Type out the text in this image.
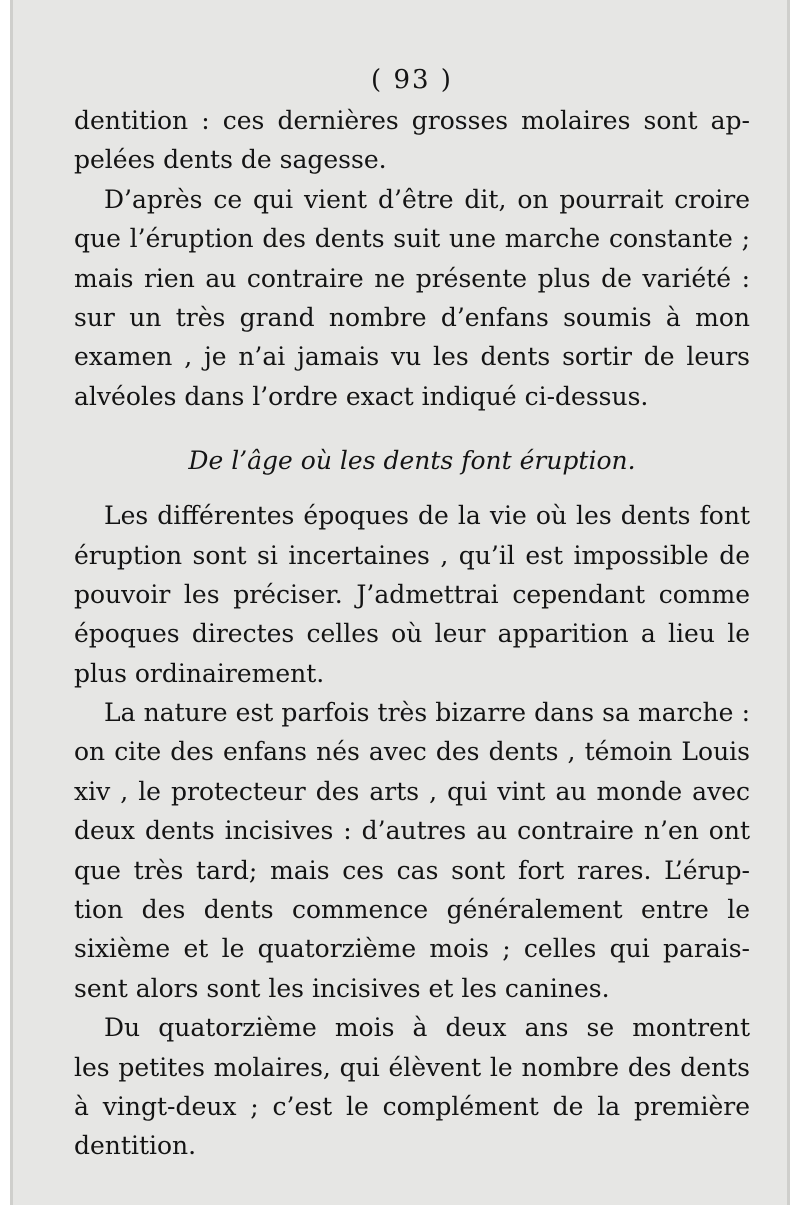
( 93 )
dentition : ces dernières grosses molaires sont ap-
pelées dents de sagesse.
D’après ce qui vient d’être dit, on pourrait croire
que l’éruption des dents suit une marche constante ;
mais rien au contraire ne présente plus de variété :
sur un très grand nombre d’enfans soumis à mon
examen , je n’ai jamais vu les dents sortir de leurs
alvéoles dans l’ordre exact indiqué ci-dessus.
De l’âge où les dents font éruption.
Les différentes époques de la vie où les dents font
éruption sont si incertaines , qu’il est impossible de
pouvoir les préciser. J’admettrai cependant comme
époques directes celles où leur apparition a lieu le
plus ordinairement.
La nature est parfois très bizarre dans sa marche :
on cite des enfans nés avec des dents , témoin Louis
xiv , le protecteur des arts , qui vint au monde avec
deux dents incisives : d’autres au contraire n’en ont
que très tard; mais ces cas sont fort rares. L’érup-
tion des dents commence généralement entre le
sixième et le quatorzième mois ; celles qui parais-
sent alors sont les incisives et les canines.
Du quatorzième mois à deux ans se montrent
les petites molaires, qui élèvent le nombre des dents
à vingt-deux ; c’est le complément de la première
dentition.
